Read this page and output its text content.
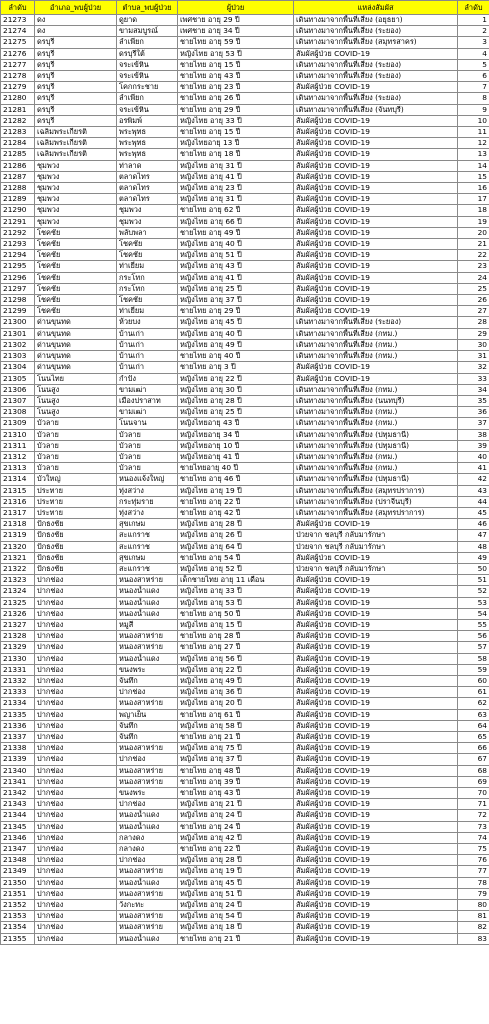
ลำดับ	อำเภอ_พบผู้ป่วย	ตำบล_พบผู้ป่วย	ผู้ป่วย	แหล่งสัมผัส	ลำดับ
21273	ดง	ดูยาด	เพศชาย อายุ 29 ปี	เดินทางมาจากพื้นที่เสี่ยง (อยุธยา)	1
21274	ดง	ขามสมบูรณ์	เพศชาย อายุ 34 ปี	เดินทางมาจากพื้นที่เสี่ยง (ระยอง)	2
21275	ดรบุรี	ลำเพียก	ชายไทย อายุ 59 ปี	เดินทางมาจากพื้นที่เสี่ยง (สมุทรสาคร)	3
21276	ดรบุรี	ดรบุรีใต้	หญิงไทย อายุ 53 ปี	สัมผัสผู้ป่วย COVID-19	4
21277	ดรบุรี	จระเข้หิน	ชายไทย อายุ 15 ปี	เดินทางมาจากพื้นที่เสี่ยง (ระยอง)	5
21278	ดรบุรี	จระเข้หิน	ชายไทย อายุ 43 ปี	เดินทางมาจากพื้นที่เสี่ยง (ระยอง)	6
21279	ดรบุรี	โคกกระชาย	ชายไทย อายุ 23 ปี	สัมผัสผู้ป่วย COVID-19	7
21280	ดรบุรี	ลำเพียก	ชายไทย อายุ 26 ปี	เดินทางมาจากพื้นที่เสี่ยง (ระยอง)	8
21281	ดรบุรี	จระเข้หิน	ชายไทย อายุ 29 ปี	เดินทางมาจากพื้นที่เสี่ยง (จันทบุรี)	9
21282	ดรบุรี	อรพิมพ์	หญิงไทย อายุ 33 ปี	สัมผัสผู้ป่วย COVID-19	10
21283	เฉลิมพระเกียรติ	พระพุทธ	ชายไทย อายุ 15 ปี	สัมผัสผู้ป่วย COVID-19	11
21284	เฉลิมพระเกียรติ	พระพุทธ	หญิงไทยอายุ 13 ปี	สัมผัสผู้ป่วย COVID-19	12
21285	เฉลิมพระเกียรติ	พระพุทธ	ชายไทย อายุ 18 ปี	สัมผัสผู้ป่วย COVID-19	13
21286	ชุมพวง	ท่าลาด	หญิงไทย อายุ 31 ปี	สัมผัสผู้ป่วย COVID-19	14
21287	ชุมพวง	ตลาดไทร	หญิงไทย อายุ 41 ปี	สัมผัสผู้ป่วย COVID-19	15
21288	ชุมพวง	ตลาดไทร	หญิงไทย อายุ 23 ปี	สัมผัสผู้ป่วย COVID-19	16
21289	ชุมพวง	ตลาดไทร	หญิงไทย อายุ 31 ปี	สัมผัสผู้ป่วย COVID-19	17
21290	ชุมพวง	ชุมพวง	ชายไทย อายุ 62 ปี	สัมผัสผู้ป่วย COVID-19	18
21291	ชุมพวง	ชุมพวง	หญิงไทย อายุ 66 ปี	สัมผัสผู้ป่วย COVID-19	19
21292	โชคชัย	พลับพลา	ชายไทย อายุ 49 ปี	สัมผัสผู้ป่วย COVID-19	20
21293	โชคชัย	โชคชัย	หญิงไทย อายุ 40 ปี	สัมผัสผู้ป่วย COVID-19	21
21294	โชคชัย	โชคชัย	หญิงไทย อายุ 51 ปี	สัมผัสผู้ป่วย COVID-19	22
21295	โชคชัย	ท่าเยี่ยม	หญิงไทย อายุ 43 ปี	สัมผัสผู้ป่วย COVID-19	23
21296	โชคชัย	กระโทก	หญิงไทย อายุ 41 ปี	สัมผัสผู้ป่วย COVID-19	24
21297	โชคชัย	กระโทก	หญิงไทย อายุ 25 ปี	สัมผัสผู้ป่วย COVID-19	25
21298	โชคชัย	โชคชัย	หญิงไทย อายุ 37 ปี	สัมผัสผู้ป่วย COVID-19	26
21299	โชคชัย	ท่าเยี่ยม	ชายไทย อายุ 29 ปี	สัมผัสผู้ป่วย COVID-19	27
21300	ด่านขุนทด	ห้วยบง	หญิงไทย อายุ 45 ปี	เดินทางมาจากพื้นที่เสี่ยง (ระยอง)	28
21301	ด่านขุนทด	บ้านเก่า	หญิงไทย อายุ 40 ปี	เดินทางมาจากพื้นที่เสี่ยง (กทม.)	29
21302	ด่านขุนทด	บ้านเก่า	หญิงไทย อายุ 49 ปี	เดินทางมาจากพื้นที่เสี่ยง (กทม.)	30
21303	ด่านขุนทด	บ้านเก่า	ชายไทย อายุ 40 ปี	เดินทางมาจากพื้นที่เสี่ยง (กทม.)	31
21304	ด่านขุนทด	บ้านเก่า	ชายไทย อายุ 3 ปี	สัมผัสผู้ป่วย COVID-19	32
21305	โนนไทย	กำปัง	หญิงไทย อายุ 22 ปี	สัมผัสผู้ป่วย COVID-19	33
21306	โนนสูง	ขามเฒ่า	หญิงไทย อายุ 30 ปี	เดินทางมาจากพื้นที่เสี่ยง (กทม.)	34
21307	โนนสูง	เมืองปราสาท	หญิงไทย อายุ 28 ปี	เดินทางมาจากพื้นที่เสี่ยง (นนทบุรี)	35
21308	โนนสูง	ขามเฒ่า	หญิงไทย อายุ 25 ปี	เดินทางมาจากพื้นที่เสี่ยง (กทม.)	36
21309	บัวลาย	โนนจาน	หญิงไทยอายุ 43 ปี	เดินทางมาจากพื้นที่เสี่ยง (กทม.)	37
21310	บัวลาย	บัวลาย	หญิงไทยอายุ 34 ปี	เดินทางมาจากพื้นที่เสี่ยง (ปทุมธานี)	38
21311	บัวลาย	บัวลาย	หญิงไทยอายุ 10 ปี	เดินทางมาจากพื้นที่เสี่ยง (ปทุมธานี)	39
21312	บัวลาย	บัวลาย	หญิงไทยอายุ 41 ปี	เดินทางมาจากพื้นที่เสี่ยง (กทม.)	40
21313	บัวลาย	บัวลาย	ชายไทยอายุ 40 ปี	เดินทางมาจากพื้นที่เสี่ยง (กทม.)	41
21314	บัวใหญ่	หนองแจ้งใหญ่	ชายไทย อายุ 46 ปี	เดินทางมาจากพื้นที่เสี่ยง (ปทุมธานี)	42
21315	ประทาย	ทุ่งสว่าง	หญิงไทย อายุ 19 ปี	เดินทางมาจากพื้นที่เสี่ยง (สมุทรปราการ)	43
21316	ประทาย	กระทุ่มราย	ชายไทย อายุ 22 ปี	เดินทางมาจากพื้นที่เสี่ยง (ปราจีนบุรี)	44
21317	ประทาย	ทุ่งสว่าง	ชายไทย อายุ 42 ปี	เดินทางมาจากพื้นที่เสี่ยง (สมุทรปราการ)	45
21318	ปักธงชัย	สุขเกษม	หญิงไทย อายุ 28 ปี	สัมผัสผู้ป่วย COVID-19	46
21319	ปักธงชัย	สะแกราช	หญิงไทย อายุ 26 ปี	ป่วยจาก ชลบุรี กลับมารักษา	47
21320	ปักธงชัย	สะแกราช	หญิงไทย อายุ 64 ปี	ป่วยจาก ชลบุรี กลับมารักษา	48
21321	ปักธงชัย	สุขเกษม	ชายไทย อายุ 54 ปี	สัมผัสผู้ป่วย COVID-19	49
21322	ปักธงชัย	สะแกราช	หญิงไทย อายุ 52 ปี	ป่วยจาก ชลบุรี กลับมารักษา	50
21323	ปากช่อง	หนองสาหร่าย	เด็กชายไทย อายุ 11 เดือน	สัมผัสผู้ป่วย COVID-19	51
21324	ปากช่อง	หนองน้ำแดง	หญิงไทย อายุ 33 ปี	สัมผัสผู้ป่วย COVID-19	52
21325	ปากช่อง	หนองน้ำแดง	หญิงไทย อายุ 53 ปี	สัมผัสผู้ป่วย COVID-19	53
21326	ปากช่อง	หนองน้ำแดง	ชายไทย อายุ 50 ปี	สัมผัสผู้ป่วย COVID-19	54
21327	ปากช่อง	หมูสี	หญิงไทย อายุ 15 ปี	สัมผัสผู้ป่วย COVID-19	55
21328	ปากช่อง	หนองสาหร่าย	ชายไทย อายุ 28 ปี	สัมผัสผู้ป่วย COVID-19	56
21329	ปากช่อง	หนองสาหร่าย	ชายไทย อายุ 27 ปี	สัมผัสผู้ป่วย COVID-19	57
21330	ปากช่อง	หนองน้ำแดง	หญิงไทย อายุ 56 ปี	สัมผัสผู้ป่วย COVID-19	58
21331	ปากช่อง	ขนงพระ	หญิงไทย อายุ 22 ปี	สัมผัสผู้ป่วย COVID-19	59
21332	ปากช่อง	จันทึก	หญิงไทย อายุ 49 ปี	สัมผัสผู้ป่วย COVID-19	60
21333	ปากช่อง	ปากช่อง	หญิงไทย อายุ 36 ปี	สัมผัสผู้ป่วย COVID-19	61
21334	ปากช่อง	หนองสาหร่าย	หญิงไทย อายุ 20 ปี	สัมผัสผู้ป่วย COVID-19	62
21335	ปากช่อง	พญาเย็น	ชายไทย อายุ 61 ปี	สัมผัสผู้ป่วย COVID-19	63
21336	ปากช่อง	จันทึก	หญิงไทย อายุ 58 ปี	สัมผัสผู้ป่วย COVID-19	64
21337	ปากช่อง	จันทึก	ชายไทย อายุ 21 ปี	สัมผัสผู้ป่วย COVID-19	65
21338	ปากช่อง	หนองสาหร่าย	หญิงไทย อายุ 75 ปี	สัมผัสผู้ป่วย COVID-19	66
21339	ปากช่อง	ปากช่อง	หญิงไทย อายุ 37 ปี	สัมผัสผู้ป่วย COVID-19	67
21340	ปากช่อง	หนองสาหร่าย	ชายไทย อายุ 48 ปี	สัมผัสผู้ป่วย COVID-19	68
21341	ปากช่อง	หนองสาหร่าย	ชายไทย อายุ 39 ปี	สัมผัสผู้ป่วย COVID-19	69
21342	ปากช่อง	ขนงพระ	ชายไทย อายุ 43 ปี	สัมผัสผู้ป่วย COVID-19	70
21343	ปากช่อง	ปากช่อง	หญิงไทย อายุ 21 ปี	สัมผัสผู้ป่วย COVID-19	71
21344	ปากช่อง	หนองน้ำแดง	หญิงไทย อายุ 24 ปี	สัมผัสผู้ป่วย COVID-19	72
21345	ปากช่อง	หนองน้ำแดง	ชายไทย อายุ 24 ปี	สัมผัสผู้ป่วย COVID-19	73
21346	ปากช่อง	กลางดง	หญิงไทย อายุ 42 ปี	สัมผัสผู้ป่วย COVID-19	74
21347	ปากช่อง	กลางดง	ชายไทย อายุ 22 ปี	สัมผัสผู้ป่วย COVID-19	75
21348	ปากช่อง	ปากช่อง	หญิงไทย อายุ 28 ปี	สัมผัสผู้ป่วย COVID-19	76
21349	ปากช่อง	หนองสาหร่าย	หญิงไทย อายุ 19 ปี	สัมผัสผู้ป่วย COVID-19	77
21350	ปากช่อง	หนองน้ำแดง	หญิงไทย อายุ 45 ปี	สัมผัสผู้ป่วย COVID-19	78
21351	ปากช่อง	หนองสาหร่าย	หญิงไทย อายุ 51 ปี	สัมผัสผู้ป่วย COVID-19	79
21352	ปากช่อง	วังกะทะ	หญิงไทย อายุ 24 ปี	สัมผัสผู้ป่วย COVID-19	80
21353	ปากช่อง	หนองสาหร่าย	หญิงไทย อายุ 54 ปี	สัมผัสผู้ป่วย COVID-19	81
21354	ปากช่อง	หนองสาหร่าย	หญิงไทย อายุ 18 ปี	สัมผัสผู้ป่วย COVID-19	82
21355	ปากช่อง	หนองน้ำแดง	ชายไทย อายุ 21 ปี	สัมผัสผู้ป่วย COVID-19	83
